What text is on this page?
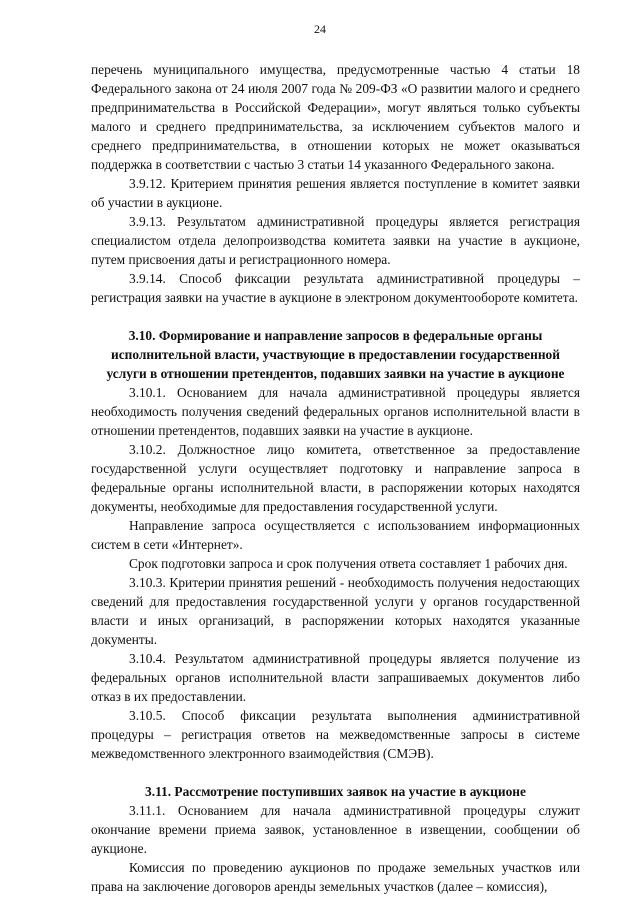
24

перечень муниципального имущества, предусмотренные частью 4 статьи 18 Федерального закона от 24 июля 2007 года № 209-ФЗ «О развитии малого и среднего предпринимательства в Российской Федерации», могут являться только субъекты малого и среднего предпринимательства, за исключением субъектов малого и среднего предпринимательства, в отношении которых не может оказываться поддержка в соответствии с частью 3 статьи 14 указанного Федерального закона.

3.9.12. Критерием принятия решения является поступление в комитет заявки об участии в аукционе.

3.9.13. Результатом административной процедуры является регистрация специалистом отдела делопроизводства комитета заявки на участие в аукционе, путем присвоения даты и регистрационного номера.

3.9.14. Способ фиксации результата административной процедуры – регистрация заявки на участие в аукционе в электроном документообороте комитета.

3.10. Формирование и направление запросов в федеральные органы исполнительной власти, участвующие в предоставлении государственной услуги в отношении претендентов, подавших заявки на участие в аукционе

3.10.1. Основанием для начала административной процедуры является необходимость получения сведений федеральных органов исполнительной власти в отношении претендентов, подавших заявки на участие в аукционе.

3.10.2. Должностное лицо комитета, ответственное за предоставление государственной услуги осуществляет подготовку и направление запроса в федеральные органы исполнительной власти, в распоряжении которых находятся документы, необходимые для предоставления государственной услуги.

Направление запроса осуществляется с использованием информационных систем в сети «Интернет».

Срок подготовки запроса и срок получения ответа составляет 1 рабочих дня.

3.10.3. Критерии принятия решений - необходимость получения недостающих сведений для предоставления государственной услуги у органов государственной власти и иных организаций, в распоряжении которых находятся указанные документы.

3.10.4. Результатом административной процедуры является получение из федеральных органов исполнительной власти запрашиваемых документов либо отказ в их предоставлении.

3.10.5. Способ фиксации результата выполнения административной процедуры – регистрация ответов на межведомственные запросы в системе межведомственного электронного взаимодействия (СМЭВ).

3.11. Рассмотрение поступивших заявок на участие в аукционе

3.11.1. Основанием для начала административной процедуры служит окончание времени приема заявок, установленное в извещении, сообщении об аукционе.

Комиссия по проведению аукционов по продаже земельных участков или права на заключение договоров аренды земельных участков (далее – комиссия),
